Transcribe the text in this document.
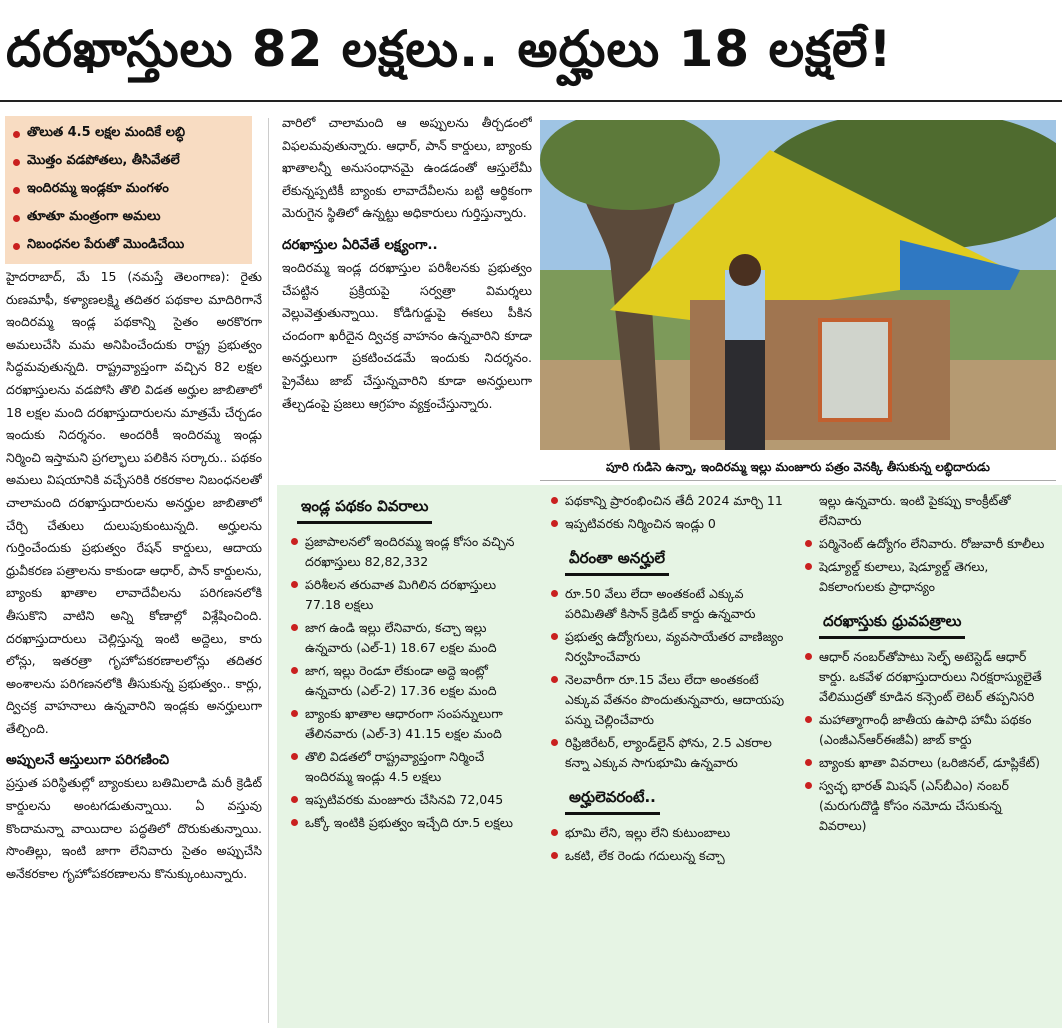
దరఖాస్తులు 82 లక్షలు.. అర్హులు 18 లక్షలే!
తొలుత 4.5 లక్షల మందికే లబ్ధి
మొత్తం వడపోతలు, తీసివేతలే
ఇందిరమ్మ ఇండ్లకూ మంగళం
తూతూ మంత్రంగా అమలు
నిబంధనల పేరుతో మొండిచేయి

హైదరాబాద్, మే 15 (నమస్తే తెలంగాణ): రైతు రుణమాఫీ, కళ్యాణలక్ష్మి తదితర పథకాల మాదిరిగానే ఇందిరమ్మ ఇండ్ల పథకాన్ని సైతం అరకొరగా అమలుచేసి మమ అనిపించేందుకు రాష్ట్ర ప్రభుత్వం సిద్ధమవుతున్నది. రాష్ట్రవ్యాప్తంగా వచ్చిన 82 లక్షల దరఖాస్తులను వడపోసి తొలి విడత అర్హుల జాబితాలో 18 లక్షల మంది దరఖాస్తుదారులను మాత్రమే చేర్చడం ఇందుకు నిదర్శనం. అందరికీ ఇందిరమ్మ ఇండ్లు నిర్మించి ఇస్తామని ప్రగల్భాలు పలికిన సర్కారు.. పథకం అమలు విషయానికి వచ్చేసరికి రకరకాల నిబంధనలతో చాలామంది దరఖాస్తుదారులను అనర్హుల జాబితాలో చేర్చి చేతులు దులుపుకుంటున్నది. అర్హులను గుర్తించేందుకు ప్రభుత్వం రేషన్ కార్డులు, ఆదాయ ధ్రువీకరణ పత్రాలను కాకుండా ఆధార్, పాన్ కార్డులను, బ్యాంకు ఖాతాల లావాదేవీలను పరిగణనలోకి తీసుకొని వాటిని అన్ని కోణాల్లో విశ్లేషించింది. దరఖాస్తుదారులు చెల్లిస్తున్న ఇంటి అద్దెలు, కారు లోన్లు, ఇతరత్రా గృహోపకరణాలలోన్లు తదితర అంశాలను పరిగణనలోకి తీసుకున్న ప్రభుత్వం.. కార్లు, ద్విచక్ర వాహనాలు ఉన్నవారిని ఇండ్లకు అనర్హులుగా తేల్చింది.

అప్పులనే ఆస్తులుగా పరిగణించి

ప్రస్తుత పరిస్థితుల్లో బ్యాంకులు బతిమిలాడి మరీ క్రెడిట్ కార్డులను అంటగడుతున్నాయి. ఏ వస్తువు కొందామన్నా వాయిదాల పద్ధతిలో దొరుకుతున్నాయి. సొంతిల్లు, ఇంటి జాగా లేనివారు సైతం అప్పుచేసి అనేకరకాల గృహోపకరణాలను కొనుక్కుంటున్నారు.

వారిలో చాలామంది ఆ అప్పులను తీర్చడంలో విఫలమవుతున్నారు. ఆధార్, పాన్ కార్డులు, బ్యాంకు ఖాతాలన్నీ అనుసంధానమై ఉండడంతో ఆస్తులేమీ లేకున్నప్పటికీ బ్యాంకు లావాదేవీలను బట్టి ఆర్థికంగా మెరుగైన స్థితిలో ఉన్నట్టు అధికారులు గుర్తిస్తున్నారు.

దరఖాస్తుల ఏరివేతే లక్ష్యంగా..

ఇందిరమ్మ ఇండ్ల దరఖాస్తుల పరిశీలనకు ప్రభుత్వం చేపట్టిన ప్రక్రియపై సర్వత్రా విమర్శలు వెల్లువెత్తుతున్నాయి. కోడిగుడ్డుపై ఈకలు పీకిన చందంగా ఖరీదైన ద్విచక్ర వాహనం ఉన్నవారిని కూడా అనర్హులుగా ప్రకటించడమే ఇందుకు నిదర్శనం. ప్రైవేటు జాబ్ చేస్తున్నవారిని కూడా అనర్హులుగా తేల్చడంపై ప్రజలు ఆగ్రహం వ్యక్తంచేస్తున్నారు.

పూరి గుడిసె ఉన్నా, ఇందిరమ్మ ఇల్లు మంజూరు పత్రం వెనక్కి తీసుకున్న లబ్ధిదారుడు
ఇండ్ల పథకం వివరాలు
ప్రజాపాలనలో ఇందిరమ్మ ఇండ్ల కోసం వచ్చిన దరఖాస్తులు 82,82,332
పరిశీలన తరువాత మిగిలిన దరఖాస్తులు 77.18 లక్షలు
జాగ ఉండి ఇల్లు లేనివారు, కచ్చా ఇల్లు ఉన్నవారు (ఎల్-1) 18.67 లక్షల మంది
జాగ, ఇల్లు రెండూ లేకుండా అద్దె ఇంట్లో ఉన్నవారు (ఎల్-2) 17.36 లక్షల మంది
బ్యాంకు ఖాతాల ఆధారంగా సంపన్నులుగా తేలినవారు (ఎల్-3) 41.15 లక్షల మంది
తొలి విడతలో రాష్ట్రవ్యాప్తంగా నిర్మించే ఇందిరమ్మ ఇండ్లు 4.5 లక్షలు
ఇప్పటివరకు మంజూరు చేసినవి 72,045
ఒక్కో ఇంటికి ప్రభుత్వం ఇచ్చేది రూ.5 లక్షలు
పథకాన్ని ప్రారంభించిన తేదీ 2024 మార్చి 11
ఇప్పటివరకు నిర్మించిన ఇండ్లు 0
వీరంతా అనర్హులే
రూ.50 వేలు లేదా అంతకంటే ఎక్కువ పరిమితితో కిసాన్ క్రెడిట్ కార్డు ఉన్నవారు
ప్రభుత్వ ఉద్యోగులు, వ్యవసాయేతర వాణిజ్యం నిర్వహించేవారు
నెలవారీగా రూ.15 వేలు లేదా అంతకంటే ఎక్కువ వేతనం పొందుతున్నవారు, ఆదాయపు పన్ను చెల్లించేవారు
రిఫ్రిజిరేటర్, ల్యాండ్‌లైన్ ఫోను, 2.5 ఎకరాల కన్నా ఎక్కువ సాగుభూమి ఉన్నవారు
అర్హులెవరంటే..
భూమి లేని, ఇల్లు లేని కుటుంబాలు
ఒకటి, లేక రెండు గదులున్న కచ్చా
ఇల్లు ఉన్నవారు. ఇంటి పైకప్పు కాంక్రీట్‌తో లేనివారు
పర్మినెంట్ ఉద్యోగం లేనివారు. రోజువారీ కూలీలు
షెడ్యూల్డ్ కులాలు, షెడ్యూల్డ్ తెగలు, వికలాంగులకు ప్రాధాన్యం
దరఖాస్తుకు ధ్రువపత్రాలు
ఆధార్ నంబర్‌తోపాటు సెల్ఫ్ అటెస్టెడ్ ఆధార్ కార్డు. ఒకవేళ దరఖాస్తుదారులు నిరక్షరాస్యులైతే వేలిముద్రతో కూడిన కన్సెంట్ లెటర్ తప్పనిసరి
మహాత్మాగాంధీ జాతీయ ఉపాధి హామీ పథకం (ఎంజీఎన్‌ఆర్‌ఈజీఏ) జాబ్ కార్డు
బ్యాంకు ఖాతా వివరాలు (ఒరిజినల్, డూప్లికేట్)
స్వచ్ఛ భారత్ మిషన్ (ఎస్‌బీఎం) నంబర్ (మరుగుదొడ్డి కోసం నమోదు చేసుకున్న వివరాలు)
